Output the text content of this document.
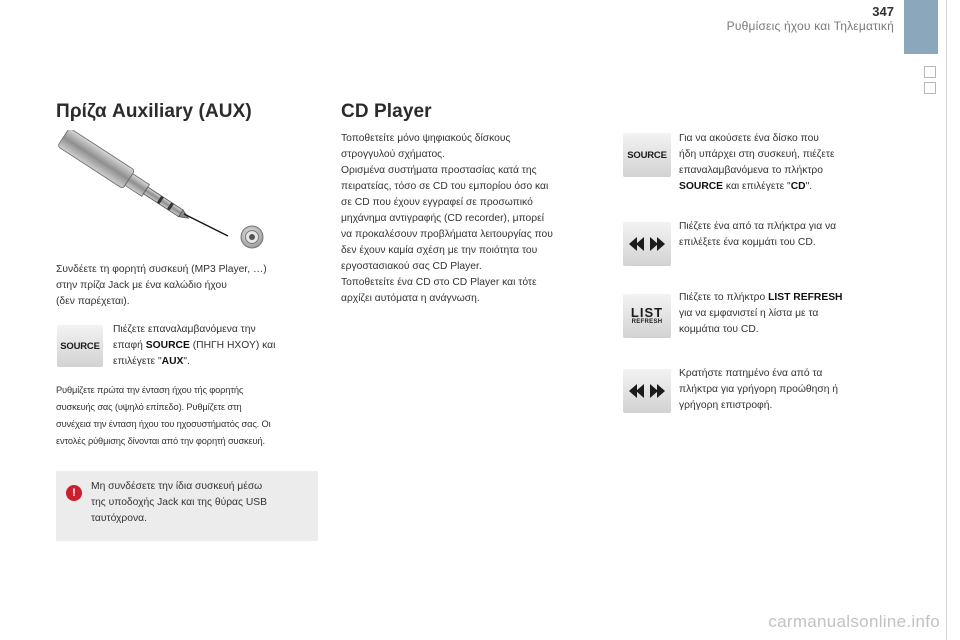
347
Ρυθμίσεις ήχου και Τηλεματική
Πρίζα Auxiliary (AUX)
Συνδέετε τη φορητή συσκευή (MP3 Player, …)
στην πρίζα Jack με ένα καλώδιο ήχου
(δεν παρέχεται).
SOURCE
Πιέζετε επαναλαμβανόμενα την
επαφή SOURCE (ΠΗΓΗ ΗΧΟΥ) και
επιλέγετε "AUX".
Ρυθμίζετε πρώτα την ένταση ήχου τής φορητής
συσκευής σας (υψηλό επίπεδο). Ρυθμίζετε στη
συνέχεια την ένταση ήχου του ηχοσυστήματός σας. Οι
εντολές ρύθμισης δίνονται από την φορητή συσκευή.
!
Μη συνδέσετε την ίδια συσκευή μέσω
της υποδοχής Jack και της θύρας USB
ταυτόχρονα.
CD Player
Τοποθετείτε μόνο ψηφιακούς δίσκους
στρογγυλού σχήματος.
Ορισμένα συστήματα προστασίας κατά της
πειρατείας, τόσο σε CD του εμπορίου όσο και
σε CD που έχουν εγγραφεί σε προσωπικό
μηχάνημα αντιγραφής (CD recorder), μπορεί
να προκαλέσουν προβλήματα λειτουργίας που
δεν έχουν καμία σχέση με την ποιότητα του
εργοστασιακού σας CD Player.
Τοποθετείτε ένα CD στο CD Player και τότε
αρχίζει αυτόματα η ανάγνωση.
SOURCE
Για να ακούσετε ένα δίσκο που
ήδη υπάρχει στη συσκευή, πιέζετε
επαναλαμβανόμενα το πλήκτρο
SOURCE και επιλέγετε "CD".
Πιέζετε ένα από τα πλήκτρα για να
επιλέξετε ένα κομμάτι του CD.
LIST
REFRESH
Πιέζετε το πλήκτρο LIST REFRESH
για να εμφανιστεί η λίστα με τα
κομμάτια του CD.
Κρατήστε πατημένο ένα από τα
πλήκτρα για γρήγορη προώθηση ή
γρήγορη επιστροφή.
carmanualsonline.info
